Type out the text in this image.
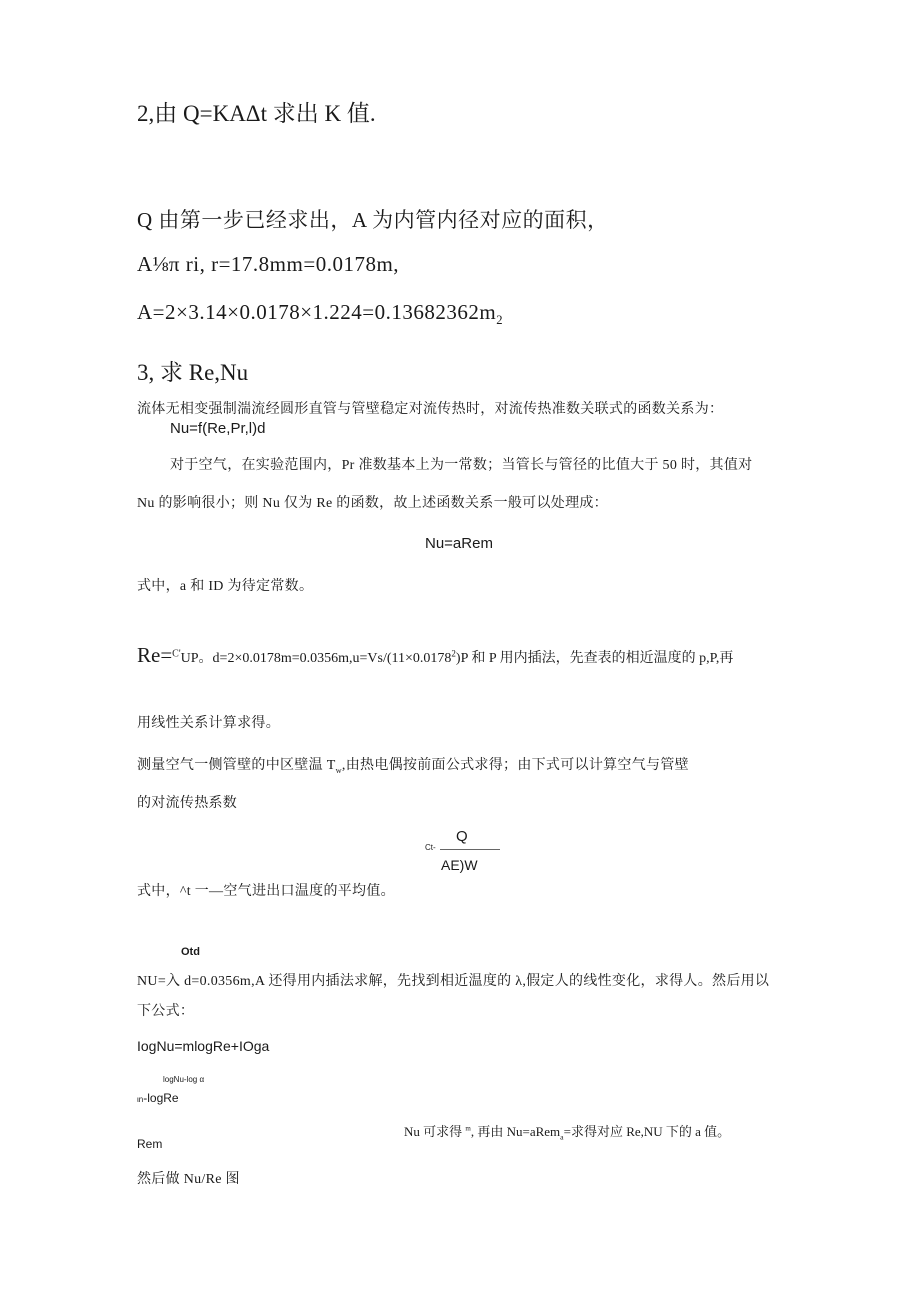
2,由 Q=KAΔt 求出 K 值.
Q 由第一步已经求出，A 为内管内径对应的面积，
A⅛π ri, r=17.8mm=0.0178m,
$A=2\times 3.14\times 0.0178\times 1.224=0.13682362m_2$
3, 求 Re,Nu
流体无相变强制湍流经圆形直管与管壁稳定对流传热时，对流传热准数关联式的函数关系为：
Nu=f(Re,Pr,l)d
对于空气，在实验范围内，Pr 准数基本上为一常数；当管长与管径的比值大于 50 时，其值对
Nu 的影响很小；则 Nu 仅为 Re 的函数，故上述函数关系一般可以处理成：
Nu=aRem
式中，a 和 ID 为待定常数。
Re=$^{C'}$UP。$d=2\times 0.0178m=0.0356m,u=Vs/(11\times 0.0178^2)P$ 和 P 用内插法，先查表的相近温度的 p,P,再
用线性关系计算求得。
测量空气一侧管壁的中区壁温 $T_w$,由热电偶按前面公式求得；由下式可以计算空气与管壁
的对流传热系数
Q
Ct-
AE)W
式中，^t 一—空气进出口温度的平均值。
Otd
NU=入 d=0.0356m,A 还得用内插法求解，先找到相近温度的 λ,假定人的线性变化，求得人。然后用以
下公式：
IogNu=mlogRe+IOga
logNu-log α
ιn-logRe
Nu 可求得 $^m$, 再由 Nu=aRem$_a$=求得对应 Re,NU 下的 a 值。
Rem
然后做 Nu/Re 图
